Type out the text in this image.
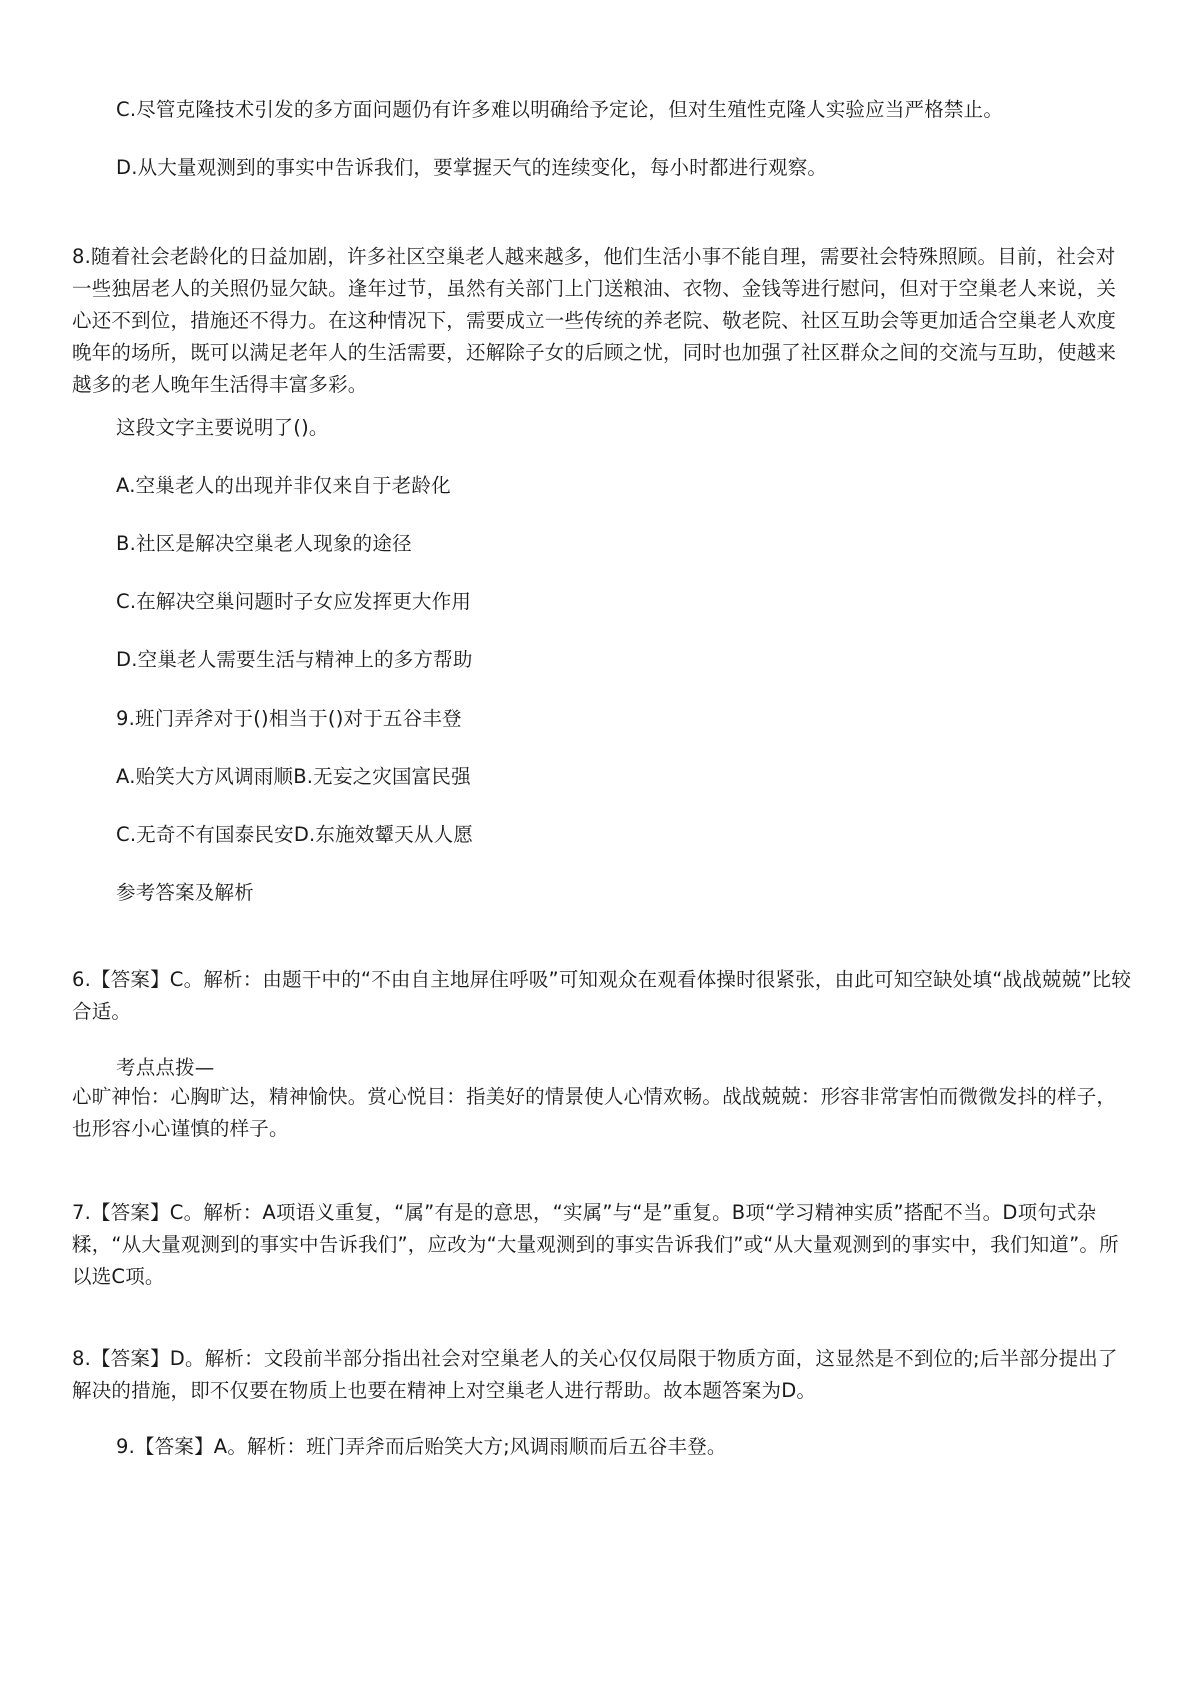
C.尽管克隆技术引发的多方面问题仍有许多难以明确给予定论，但对生殖性克隆人实验应当严格禁止。

D.从大量观测到的事实中告诉我们，要掌握天气的连续变化，每小时都进行观察。

8.随着社会老龄化的日益加剧，许多社区空巢老人越来越多，他们生活小事不能自理，需要社会特殊照顾。目前，社会对一些独居老人的关照仍显欠缺。逢年过节，虽然有关部门上门送粮油、衣物、金钱等进行慰问，但对于空巢老人来说，关心还不到位，措施还不得力。在这种情况下，需要成立一些传统的养老院、敬老院、社区互助会等更加适合空巢老人欢度晚年的场所，既可以满足老年人的生活需要，还解除子女的后顾之忧，同时也加强了社区群众之间的交流与互助，使越来越多的老人晚年生活得丰富多彩。

这段文字主要说明了()。

A.空巢老人的出现并非仅来自于老龄化

B.社区是解决空巢老人现象的途径

C.在解决空巢问题时子女应发挥更大作用

D.空巢老人需要生活与精神上的多方帮助

9.班门弄斧对于()相当于()对于五谷丰登

A.贻笑大方风调雨顺B.无妄之灾国富民强

C.无奇不有国泰民安D.东施效颦天从人愿

参考答案及解析

6.【答案】C。解析：由题干中的“不由自主地屏住呼吸”可知观众在观看体操时很紧张，由此可知空缺处填“战战兢兢”比较合适。

考点点拨—

心旷神怡：心胸旷达，精神愉快。赏心悦目：指美好的情景使人心情欢畅。战战兢兢：形容非常害怕而微微发抖的样子，也形容小心谨慎的样子。

7.【答案】C。解析：A项语义重复，“属”有是的意思，“实属”与“是”重复。B项“学习精神实质”搭配不当。D项句式杂糅，“从大量观测到的事实中告诉我们”，应改为“大量观测到的事实告诉我们”或“从大量观测到的事实中，我们知道”。所以选C项。

8.【答案】D。解析：文段前半部分指出社会对空巢老人的关心仅仅局限于物质方面，这显然是不到位的;后半部分提出了解决的措施，即不仅要在物质上也要在精神上对空巢老人进行帮助。故本题答案为D。

9.【答案】A。解析：班门弄斧而后贻笑大方;风调雨顺而后五谷丰登。
